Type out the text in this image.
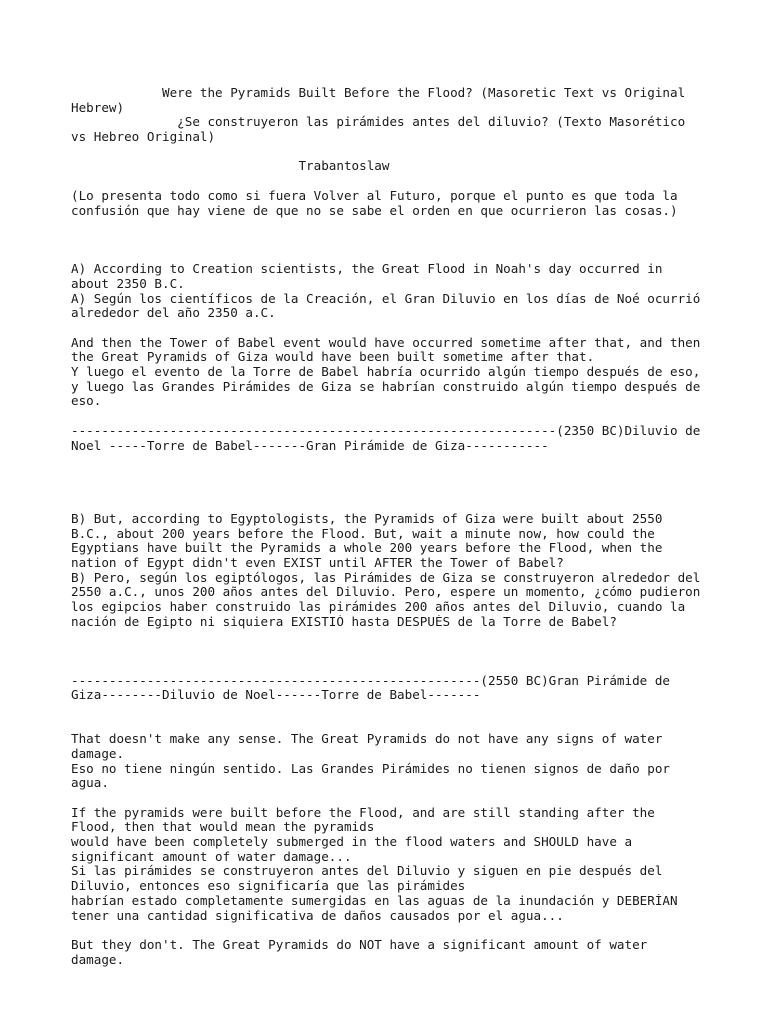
Were the Pyramids Built Before the Flood? (Masoretic Text vs Original
Hebrew)
¿Se construyeron las pirámides antes del diluvio? (Texto Masorético
vs Hebreo Original)
Trabantoslaw
(Lo presenta todo como si fuera Volver al Futuro, porque el punto es que toda la
confusión que hay viene de que no se sabe el orden en que ocurrieron las cosas.)
A) According to Creation scientists, the Great Flood in Noah's day occurred in
about 2350 B.C.
A) Según los científicos de la Creación, el Gran Diluvio en los días de Noé ocurrió
alrededor del año 2350 a.C.
And then the Tower of Babel event would have occurred sometime after that, and then
the Great Pyramids of Giza would have been built sometime after that.
Y luego el evento de la Torre de Babel habría ocurrido algún tiempo después de eso,
y luego las Grandes Pirámides de Giza se habrían construido algún tiempo después de
eso.
----------------------------------------------------------------(2350 BC)Diluvio de
Noel -----Torre de Babel-------Gran Pirámide de Giza-----------
B) But, according to Egyptologists, the Pyramids of Giza were built about 2550
B.C., about 200 years before the Flood. But, wait a minute now, how could the
Egyptians have built the Pyramids a whole 200 years before the Flood, when the
nation of Egypt didn't even EXIST until AFTER the Tower of Babel?
B) Pero, según los egiptólogos, las Pirámides de Giza se construyeron alrededor del
2550 a.C., unos 200 años antes del Diluvio. Pero, espere un momento, ¿cómo pudieron
los egipcios haber construido las pirámides 200 años antes del Diluvio, cuando la
nación de Egipto ni siquiera EXISTIÓ hasta DESPUÉS de la Torre de Babel?
------------------------------------------------------(2550 BC)Gran Pirámide de
Giza--------Diluvio de Noel------Torre de Babel-------
That doesn't make any sense. The Great Pyramids do not have any signs of water
damage.
Eso no tiene ningún sentido. Las Grandes Pirámides no tienen signos de daño por
agua.
If the pyramids were built before the Flood, and are still standing after the
Flood, then that would mean the pyramids
would have been completely submerged in the flood waters and SHOULD have a
significant amount of water damage...
Si las pirámides se construyeron antes del Diluvio y siguen en pie después del
Diluvio, entonces eso significaría que las pirámides
habrían estado completamente sumergidas en las aguas de la inundación y DEBERÍAN
tener una cantidad significativa de daños causados por el agua...
But they don't. The Great Pyramids do NOT have a significant amount of water
damage.
